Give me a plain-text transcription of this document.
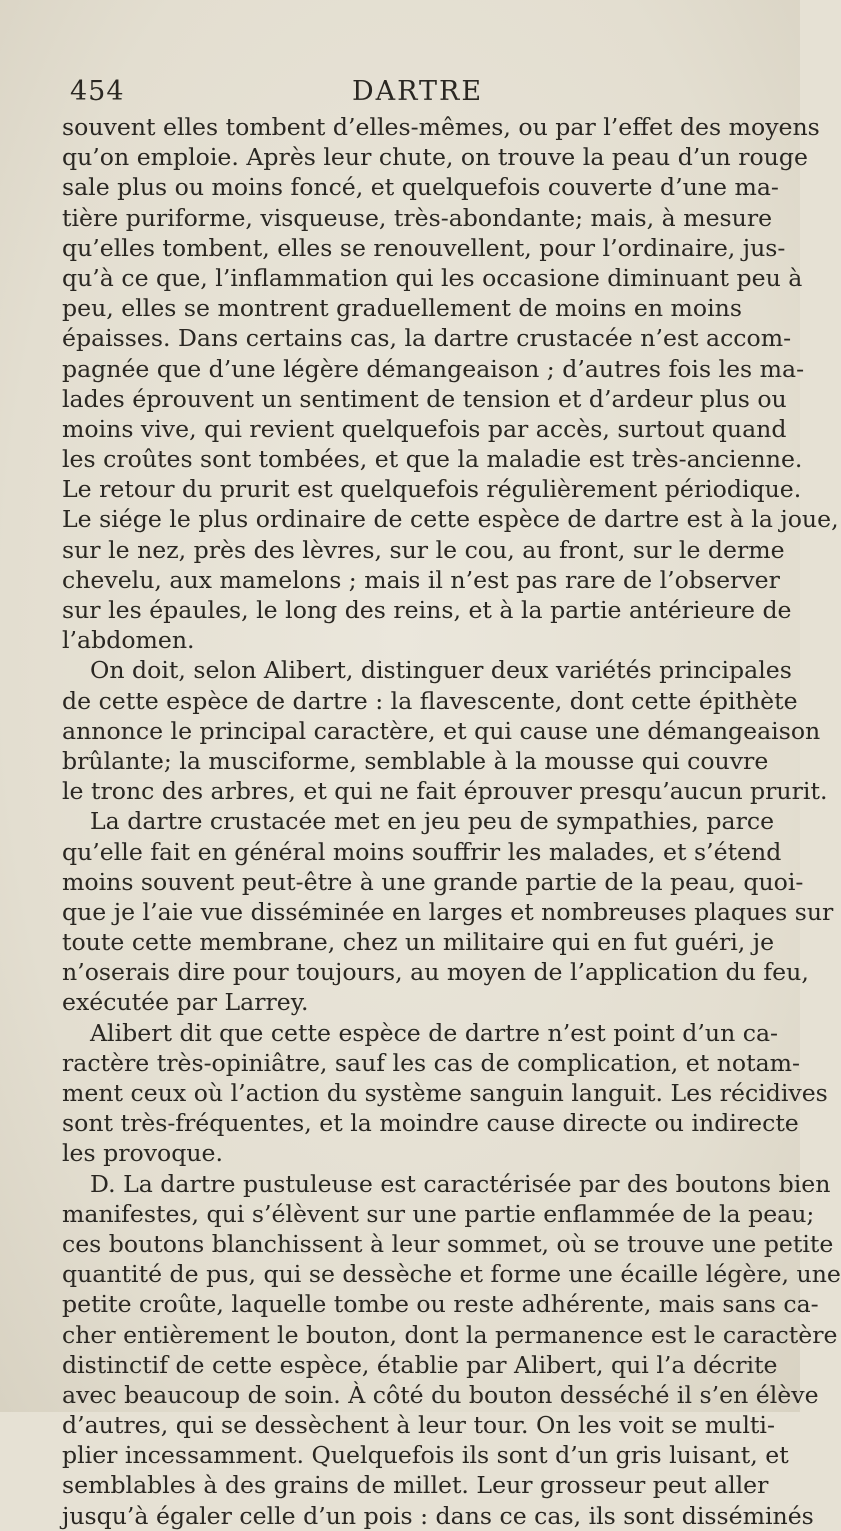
454	DARTRE
souvent elles tombent d’elles-mêmes, ou par l’effet des moyens
qu’on emploie. Après leur chute, on trouve la peau d’un rouge
sale plus ou moins foncé, et quelquefois couverte d’une ma-
tière puriforme, visqueuse, très-abondante; mais, à mesure
qu’elles tombent, elles se renouvellent, pour l’ordinaire, jus-
qu’à ce que, l’inflammation qui les occasione diminuant peu à
peu, elles se montrent graduellement de moins en moins
épaisses. Dans certains cas, la dartre crustacée n’est accom-
pagnée que d’une légère démangeaison ; d’autres fois les ma-
lades éprouvent un sentiment de tension et d’ardeur plus ou
moins vive, qui revient quelquefois par accès, surtout quand
les croûtes sont tombées, et que la maladie est très-ancienne.
Le retour du prurit est quelquefois régulièrement périodique.
Le siége le plus ordinaire de cette espèce de dartre est à la joue,
sur le nez, près des lèvres, sur le cou, au front, sur le derme
chevelu, aux mamelons ; mais il n’est pas rare de l’observer
sur les épaules, le long des reins, et à la partie antérieure de
l’abdomen.
On doit, selon Alibert, distinguer deux variétés principales
de cette espèce de dartre : la flavescente, dont cette épithète
annonce le principal caractère, et qui cause une démangeaison
brûlante; la musciforme, semblable à la mousse qui couvre
le tronc des arbres, et qui ne fait éprouver presqu’aucun prurit.
La dartre crustacée met en jeu peu de sympathies, parce
qu’elle fait en général moins souffrir les malades, et s’étend
moins souvent peut-être à une grande partie de la peau, quoi-
que je l’aie vue disséminée en larges et nombreuses plaques sur
toute cette membrane, chez un militaire qui en fut guéri, je
n’oserais dire pour toujours, au moyen de l’application du feu,
exécutée par Larrey.
Alibert dit que cette espèce de dartre n’est point d’un ca-
ractère très-opiniâtre, sauf les cas de complication, et notam-
ment ceux où l’action du système sanguin languit. Les récidives
sont très-fréquentes, et la moindre cause directe ou indirecte
les provoque.
D. La dartre pustuleuse est caractérisée par des boutons bien
manifestes, qui s’élèvent sur une partie enflammée de la peau;
ces boutons blanchissent à leur sommet, où se trouve une petite
quantité de pus, qui se dessèche et forme une écaille légère, une
petite croûte, laquelle tombe ou reste adhérente, mais sans ca-
cher entièrement le bouton, dont la permanence est le caractère
distinctif de cette espèce, établie par Alibert, qui l’a décrite
avec beaucoup de soin. À côté du bouton desséché il s’en élève
d’autres, qui se dessèchent à leur tour. On les voit se multi-
plier incessamment. Quelquefois ils sont d’un gris luisant, et
semblables à des grains de millet. Leur grosseur peut aller
jusqu’à égaler celle d’un pois : dans ce cas, ils sont disséminés
